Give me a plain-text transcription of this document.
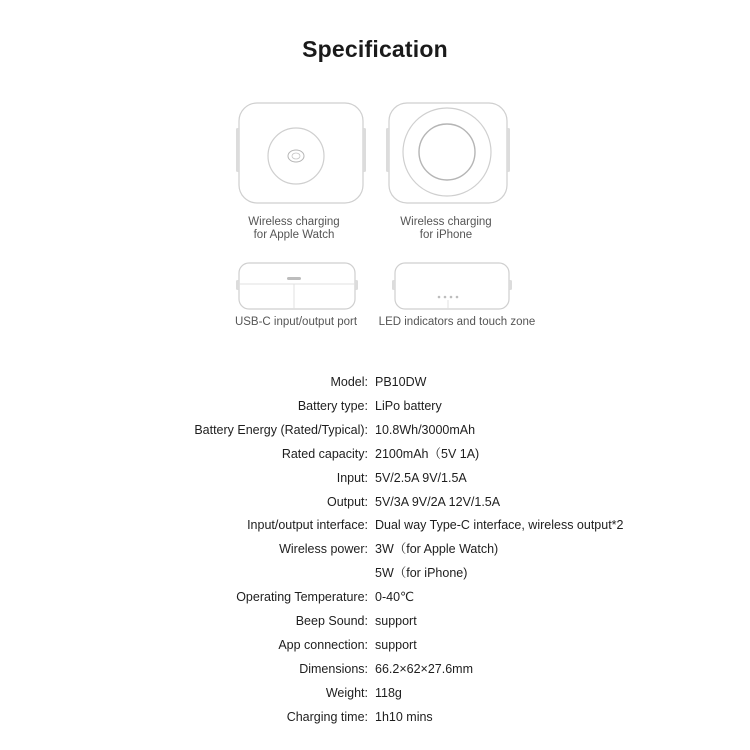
Specification
Wireless charging
for Apple Watch
Wireless charging
for iPhone
USB-C input/output port	LED indicators and touch zone
Model: PB10DW
Battery type: LiPo battery
Battery Energy (Rated/Typical): 10.8Wh/3000mAh
Rated capacity: 2100mAh（5V 1A)
Input: 5V/2.5A 9V/1.5A
Output: 5V/3A 9V/2A 12V/1.5A
Input/output interface: Dual way Type-C interface, wireless output*2
Wireless power: 3W（for Apple Watch)
5W（for iPhone)
Operating Temperature: 0-40℃
Beep Sound: support
App connection: support
Dimensions: 66.2×62×27.6mm
Weight: 118g
Charging time: 1h10 mins
